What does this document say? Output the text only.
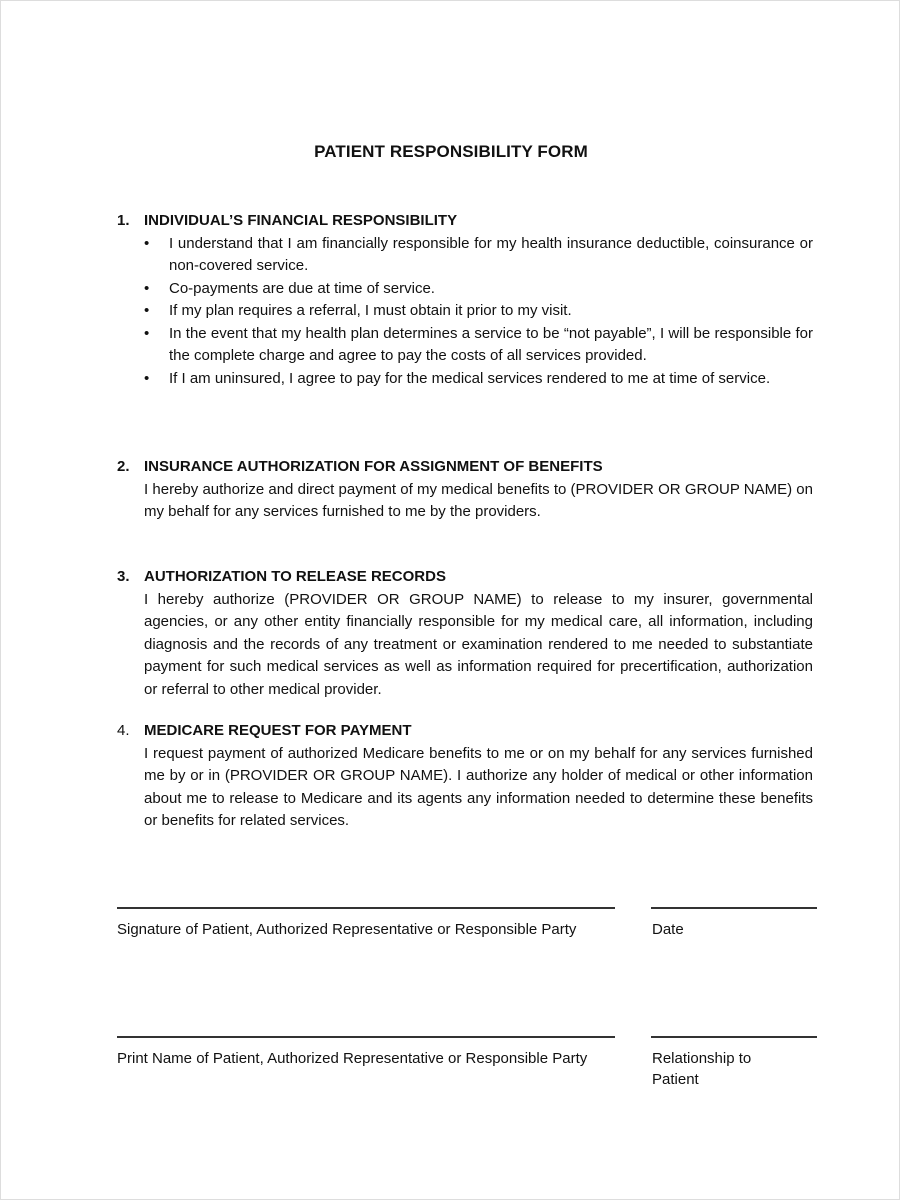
PATIENT RESPONSIBILITY FORM
1. INDIVIDUAL’S FINANCIAL RESPONSIBILITY
• I understand that I am financially responsible for my health insurance deductible, coinsurance or non-covered service.
• Co-payments are due at time of service.
• If my plan requires a referral, I must obtain it prior to my visit.
• In the event that my health plan determines a service to be “not payable”, I will be responsible for the complete charge and agree to pay the costs of all services provided.
• If I am uninsured, I agree to pay for the medical services rendered to me at time of service.
2. INSURANCE AUTHORIZATION FOR ASSIGNMENT OF BENEFITS
I hereby authorize and direct payment of my medical benefits to (PROVIDER OR GROUP NAME) on my behalf for any services furnished to me by the providers.
3. AUTHORIZATION TO RELEASE RECORDS
I hereby authorize (PROVIDER OR GROUP NAME) to release to my insurer, governmental agencies, or any other entity financially responsible for my medical care, all information, including diagnosis and the records of any treatment or examination rendered to me needed to substantiate payment for such medical services as well as information required for precertification, authorization or referral to other medical provider.
4. MEDICARE REQUEST FOR PAYMENT
I request payment of authorized Medicare benefits to me or on my behalf for any services furnished me by or in (PROVIDER OR GROUP NAME). I authorize any holder of medical or other information about me to release to Medicare and its agents any information needed to determine these benefits or benefits for related services.
Signature of Patient, Authorized Representative or Responsible Party	Date
Print Name of Patient, Authorized Representative or Responsible Party	Relationship to
Patient
